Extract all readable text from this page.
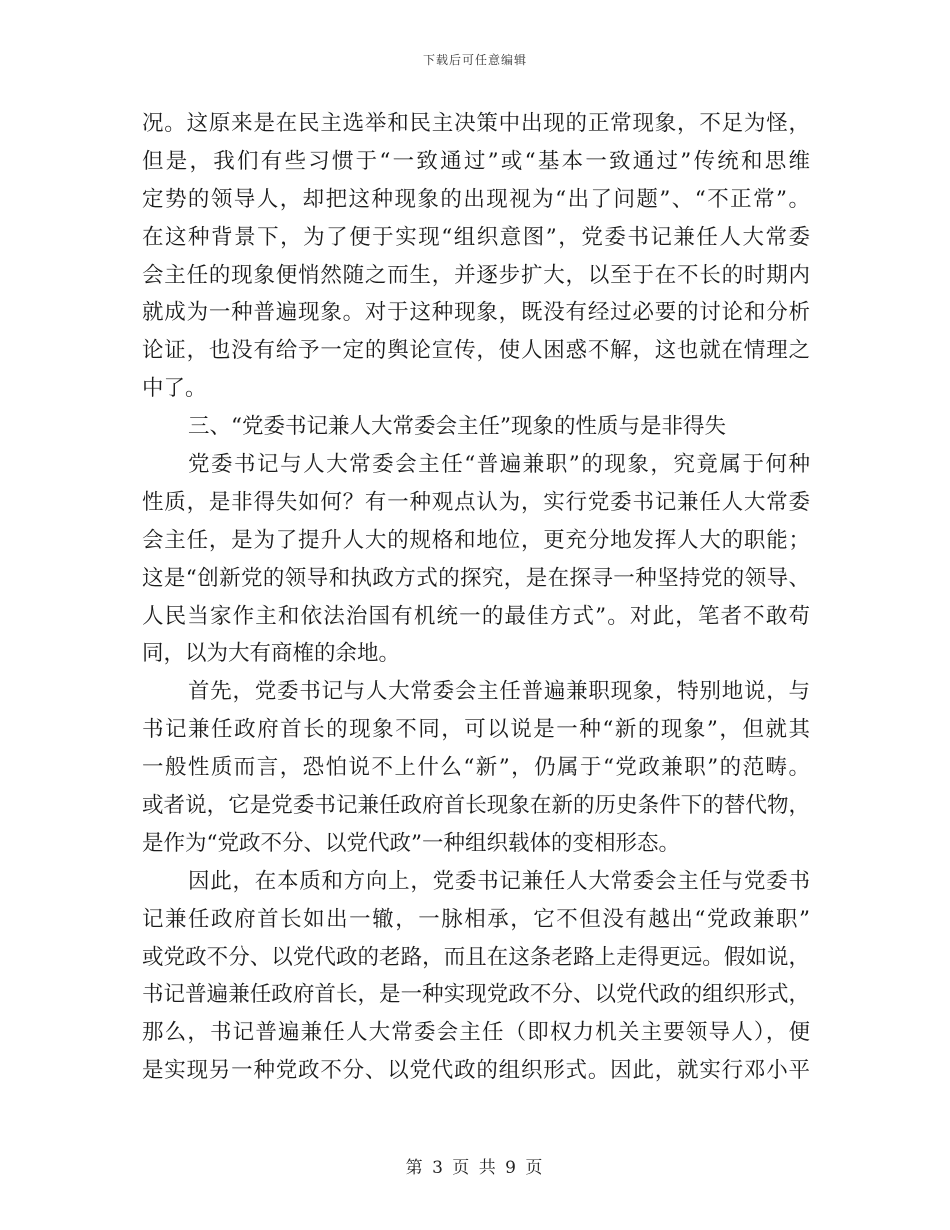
下载后可任意编辑
况。这原来是在民主选举和民主决策中出现的正常现象，不足为怪，
但是，我们有些习惯于“一致通过”或“基本一致通过”传统和思维
定势的领导人，却把这种现象的出现视为“出了问题”、“不正常”。
在这种背景下，为了便于实现“组织意图”，党委书记兼任人大常委
会主任的现象便悄然随之而生，并逐步扩大，以至于在不长的时期内
就成为一种普遍现象。对于这种现象，既没有经过必要的讨论和分析
论证，也没有给予一定的舆论宣传，使人困惑不解，这也就在情理之
中了。
三、“党委书记兼人大常委会主任”现象的性质与是非得失
党委书记与人大常委会主任“普遍兼职”的现象，究竟属于何种
性质，是非得失如何？有一种观点认为，实行党委书记兼任人大常委
会主任，是为了提升人大的规格和地位，更充分地发挥人大的职能；
这是“创新党的领导和执政方式的探究，是在探寻一种坚持党的领导、
人民当家作主和依法治国有机统一的最佳方式”。对此，笔者不敢苟
同，以为大有商榷的余地。
首先，党委书记与人大常委会主任普遍兼职现象，特别地说，与
书记兼任政府首长的现象不同，可以说是一种“新的现象”，但就其
一般性质而言，恐怕说不上什么“新”，仍属于“党政兼职”的范畴。
或者说，它是党委书记兼任政府首长现象在新的历史条件下的替代物，
是作为“党政不分、以党代政”一种组织载体的变相形态。
因此，在本质和方向上，党委书记兼任人大常委会主任与党委书
记兼任政府首长如出一辙，一脉相承，它不但没有越出“党政兼职”
或党政不分、以党代政的老路，而且在这条老路上走得更远。假如说，
书记普遍兼任政府首长，是一种实现党政不分、以党代政的组织形式，
那么，书记普遍兼任人大常委会主任（即权力机关主要领导人），便
是实现另一种党政不分、以党代政的组织形式。因此，就实行邓小平
第 3 页 共 9 页
